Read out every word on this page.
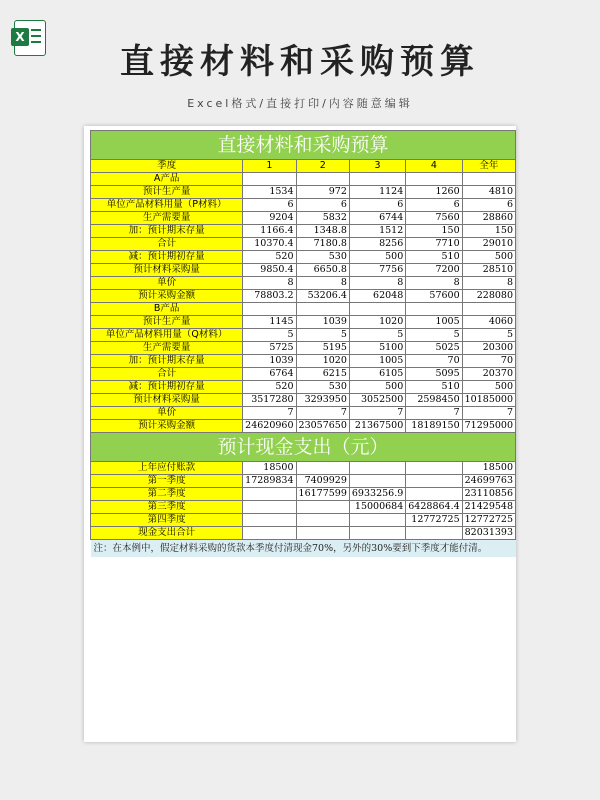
X
直接材料和采购预算
Excel格式/直接打印/内容随意编辑
直接材料和采购预算					
季度	1	2	3	4	全年
A产品					
预计生产量	1534	972	1124	1260	4810
单位产品材料用量（P材料）	6	6	6	6	6
生产需要量	9204	5832	6744	7560	28860
加：预计期末存量	1166.4	1348.8	1512	150	150
合计	10370.4	7180.8	8256	7710	29010
减：预计期初存量	520	530	500	510	500
预计材料采购量	9850.4	6650.8	7756	7200	28510
单价	8	8	8	8	8
预计采购金额	78803.2	53206.4	62048	57600	228080
B产品					
预计生产量	1145	1039	1020	1005	4060
单位产品材料用量（Q材料）	5	5	5	5	5
生产需要量	5725	5195	5100	5025	20300
加：预计期末存量	1039	1020	1005	70	70
合计	6764	6215	6105	5095	20370
减：预计期初存量	520	530	500	510	500
预计材料采购量	3517280	3293950	3052500	2598450	10185000
单价	7	7	7	7	7
预计采购金额	24620960	23057650	21367500	18189150	71295000
预计现金支出（元）					
上年应付账款	18500				18500
第一季度	17289834	7409929			24699763
第二季度		16177599	6933256.9		23110856
第三季度			15000684	6428864.4	21429548
第四季度				12772725	12772725
现金支出合计					82031393
注：在本例中，假定材料采购的货款本季度付清现金70%，另外的30%要到下季度才能付清。					
